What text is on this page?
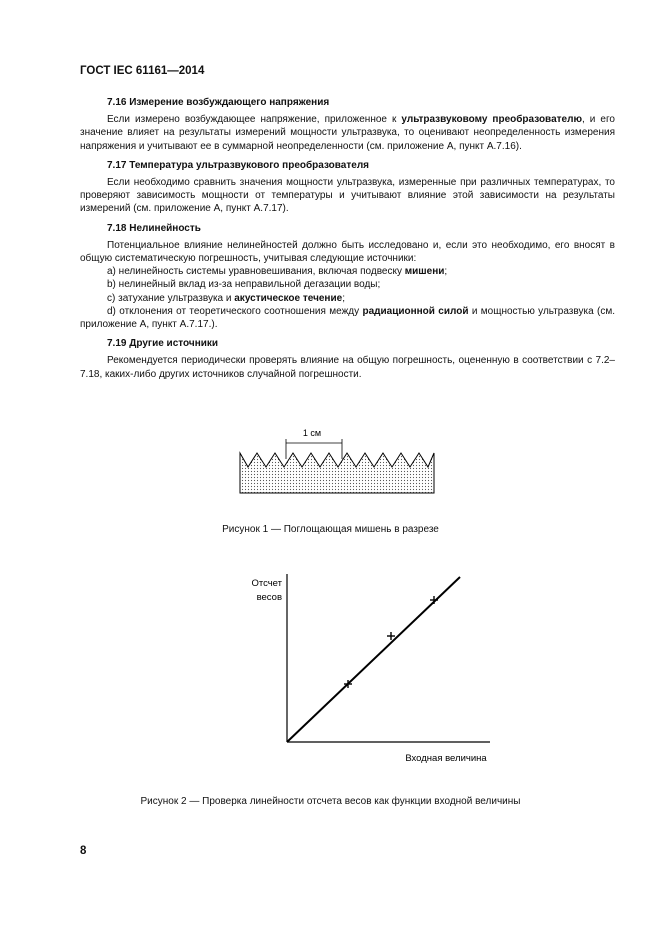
ГОСТ IEC 61161—2014
7.16 Измерение возбуждающего напряжения

Если измерено возбуждающее напряжение, приложенное к ультразвуковому преобразователю, и его значение влияет на результаты измерений мощности ультразвука, то оценивают неопределенность измерения напряжения и учитывают ее в суммарной неопределенности (см. приложение А, пункт А.7.16).

7.17 Температура ультразвукового преобразователя

Если необходимо сравнить значения мощности ультразвука, измеренные при различных температурах, то проверяют зависимость мощности от температуры и учитывают влияние этой зависимости на результаты измерений (см. приложение А, пункт А.7.17).

7.18 Нелинейность

Потенциальное влияние нелинейностей должно быть исследовано и, если это необходимо, его вносят в общую систематическую погрешность, учитывая следующие источники:

а) нелинейность системы уравновешивания, включая подвеску мишени;
b) нелинейный вклад из-за неправильной дегазации воды;
c) затухание ультразвука и акустическое течение;

d) отклонения от теоретического соотношения между радиационной силой и мощностью ультразвука (см. приложение А, пункт А.7.17.).

7.19 Другие источники

Рекомендуется периодически проверять влияние на общую погрешность, оцененную в соответствии с 7.2–7.18, каких-либо других источников случайной погрешности.

1 см
Рисунок 1 — Поглощающая мишень в разрезе
Отсчет
весов
Входная величина
Рисунок 2 — Проверка линейности отсчета весов как функции входной величины
8
